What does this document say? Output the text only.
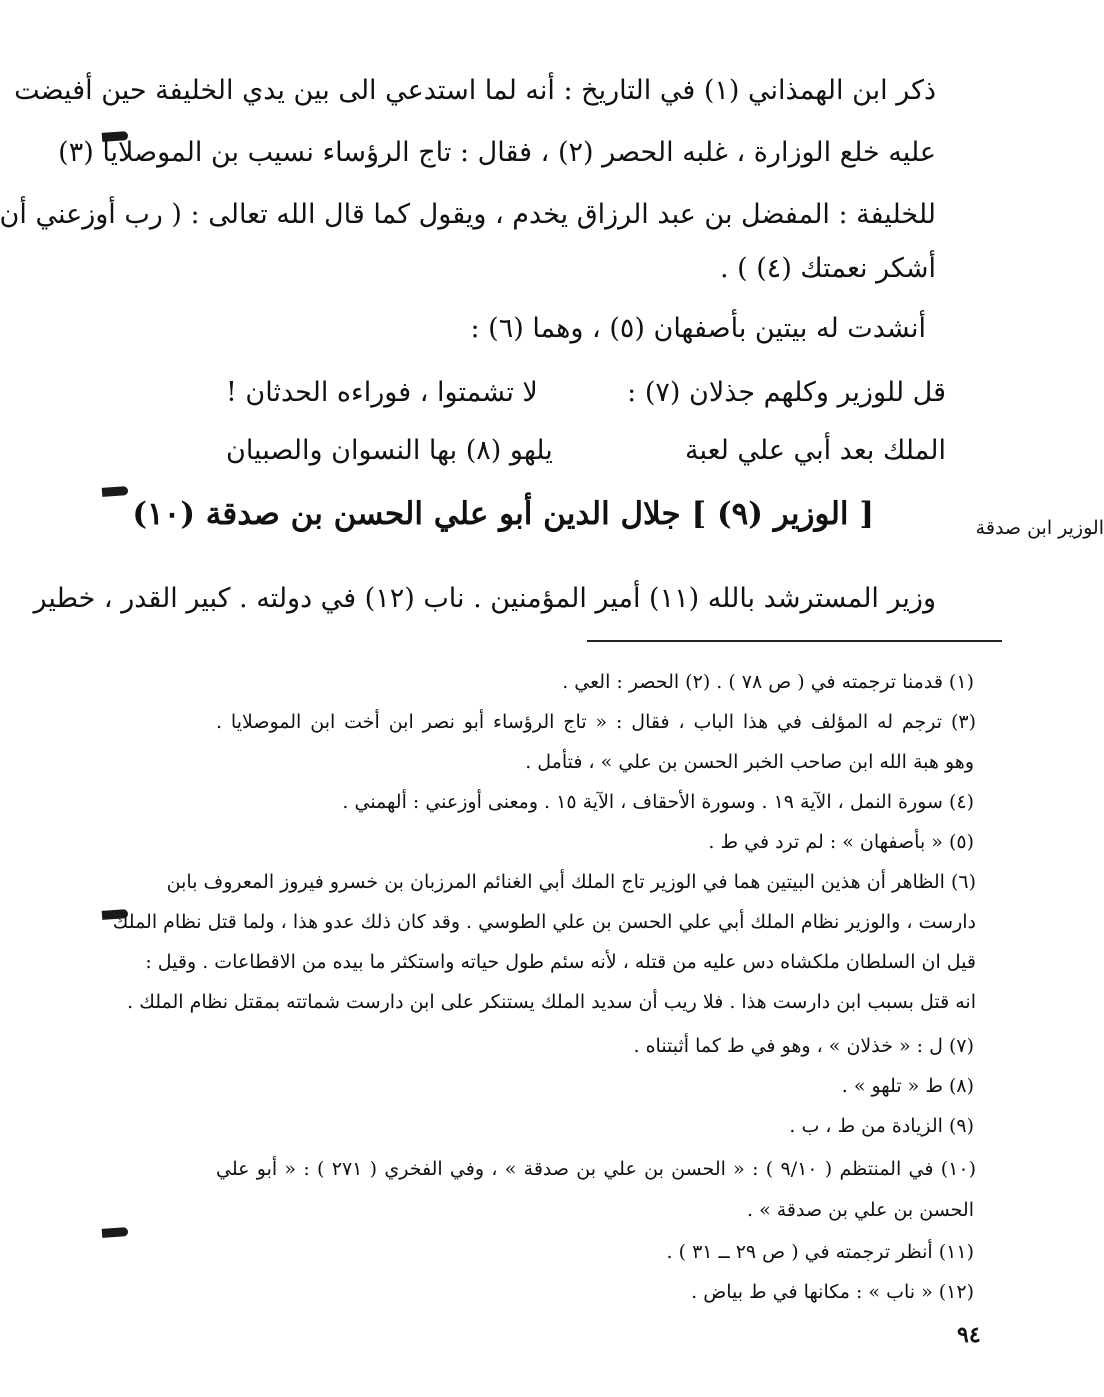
ذكر ابن الهمذاني (١) في التاريخ : أنه لما استدعي الى بين يدي الخليفة حين أفيضت
عليه خلع الوزارة ، غلبه الحصر (٢) ، فقال : تاج الرؤساء نسيب بن الموصلايا (٣)
للخليفة : المفضل بن عبد الرزاق يخدم ، ويقول كما قال الله تعالى : ( رب أوزعني أن
أشكر نعمتك (٤) ) .
أنشدت له بيتين بأصفهان (٥) ، وهما (٦) :
قل للوزير وكلهم جذلان (٧) :
لا تشمتوا ، فوراءه الحدثان !
الملك بعد أبي علي لعبة
يلهو (٨) بها النسوان والصبيان
[ الوزير (٩) ] جلال الدين أبو علي الحسن بن صدقة (١٠)	الوزير ابن صدقة
وزير المسترشد بالله (١١) أمير المؤمنين . ناب (١٢) في دولته . كبير القدر ، خطير
(١) قدمنا ترجمته في ( ص ٧٨ ) . (٢) الحصر : العي .
(٣) ترجم له المؤلف في هذا الباب ، فقال : « تاج الرؤساء أبو نصر ابن أخت ابن الموصلايا .
وهو هبة الله ابن صاحب الخبر الحسن بن علي » ، فتأمل .
(٤) سورة النمل ، الآية ١٩ . وسورة الأحقاف ، الآية ١٥ . ومعنى أوزعني : ألهمني .
(٥) « بأصفهان » : لم ترد في ط .
(٦) الظاهر أن هذين البيتين هما في الوزير تاج الملك أبي الغنائم المرزبان بن خسرو فيروز المعروف بابن
دارست ، والوزير نظام الملك أبي علي الحسن بن علي الطوسي . وقد كان ذلك عدو هذا ، ولما قتل نظام الملك
قيل ان السلطان ملكشاه دس عليه من قتله ، لأنه سئم طول حياته واستكثر ما بيده من الاقطاعات . وقيل :
انه قتل بسبب ابن دارست هذا . فلا ريب أن سديد الملك يستنكر على ابن دارست شماتته بمقتل نظام الملك .
(٧) ل : « خذلان » ، وهو في ط كما أثبتناه .
(٨) ط « تلهو » .
(٩) الزيادة من ط ، ب .
(١٠) في المنتظم ( ٩/١٠ ) : « الحسن بن علي بن صدقة » ، وفي الفخري ( ٢٧١ ) : « أبو علي
الحسن بن علي بن صدقة » .
(١١) أنظر ترجمته في ( ص ٢٩ ــ ٣١ ) .
(١٢) « ناب » : مكانها في ط بياض .
٩٤
